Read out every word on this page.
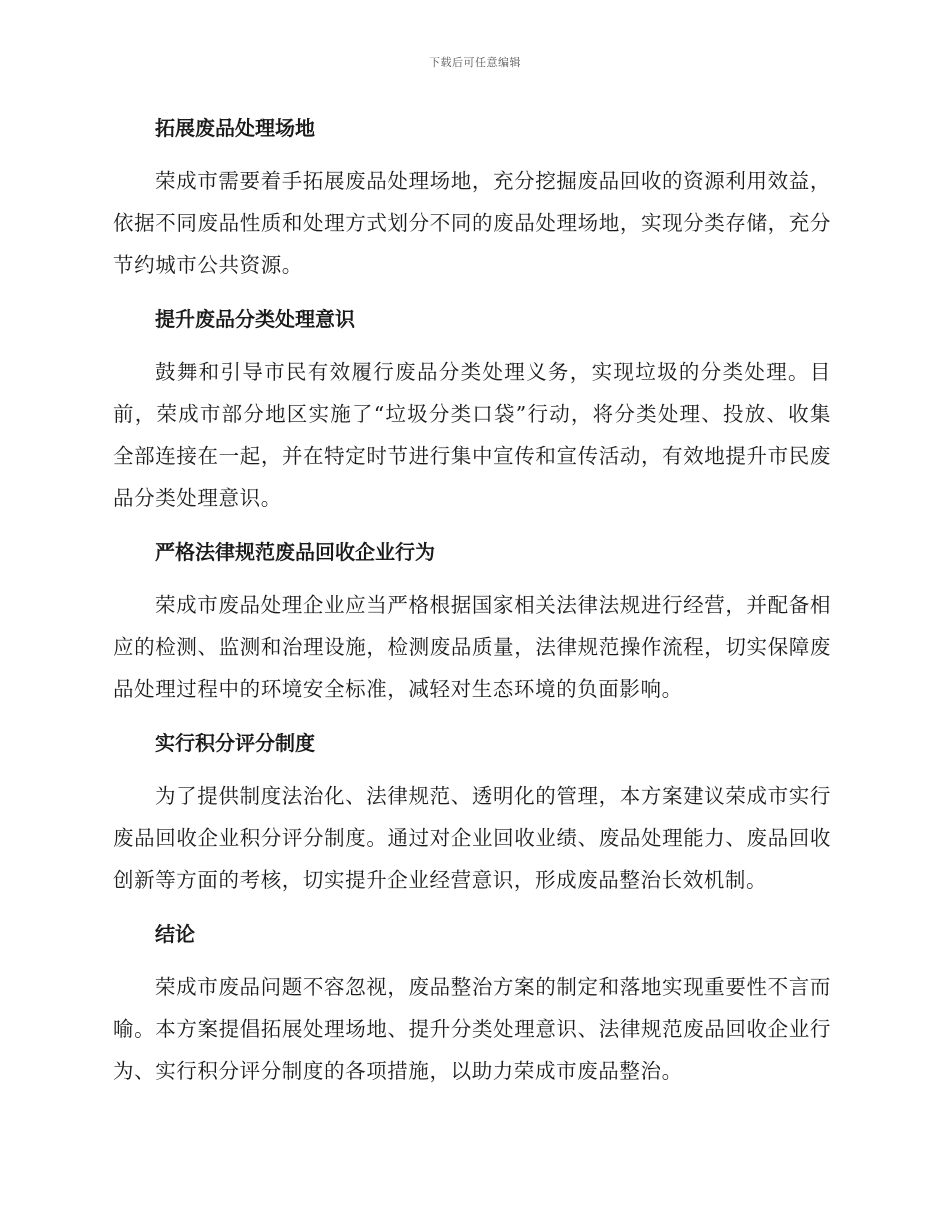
下载后可任意编辑
拓展废品处理场地

荣成市需要着手拓展废品处理场地，充分挖掘废品回收的资源利用效益，依据不同废品性质和处理方式划分不同的废品处理场地，实现分类存储，充分节约城市公共资源。

提升废品分类处理意识

鼓舞和引导市民有效履行废品分类处理义务，实现垃圾的分类处理。目前，荣成市部分地区实施了“垃圾分类口袋”行动，将分类处理、投放、收集全部连接在一起，并在特定时节进行集中宣传和宣传活动，有效地提升市民废品分类处理意识。

严格法律规范废品回收企业行为

荣成市废品处理企业应当严格根据国家相关法律法规进行经营，并配备相应的检测、监测和治理设施，检测废品质量，法律规范操作流程，切实保障废品处理过程中的环境安全标准，减轻对生态环境的负面影响。

实行积分评分制度

为了提供制度法治化、法律规范、透明化的管理，本方案建议荣成市实行废品回收企业积分评分制度。通过对企业回收业绩、废品处理能力、废品回收创新等方面的考核，切实提升企业经营意识，形成废品整治长效机制。

结论

荣成市废品问题不容忽视，废品整治方案的制定和落地实现重要性不言而喻。本方案提倡拓展处理场地、提升分类处理意识、法律规范废品回收企业行为、实行积分评分制度的各项措施，以助力荣成市废品整治。
